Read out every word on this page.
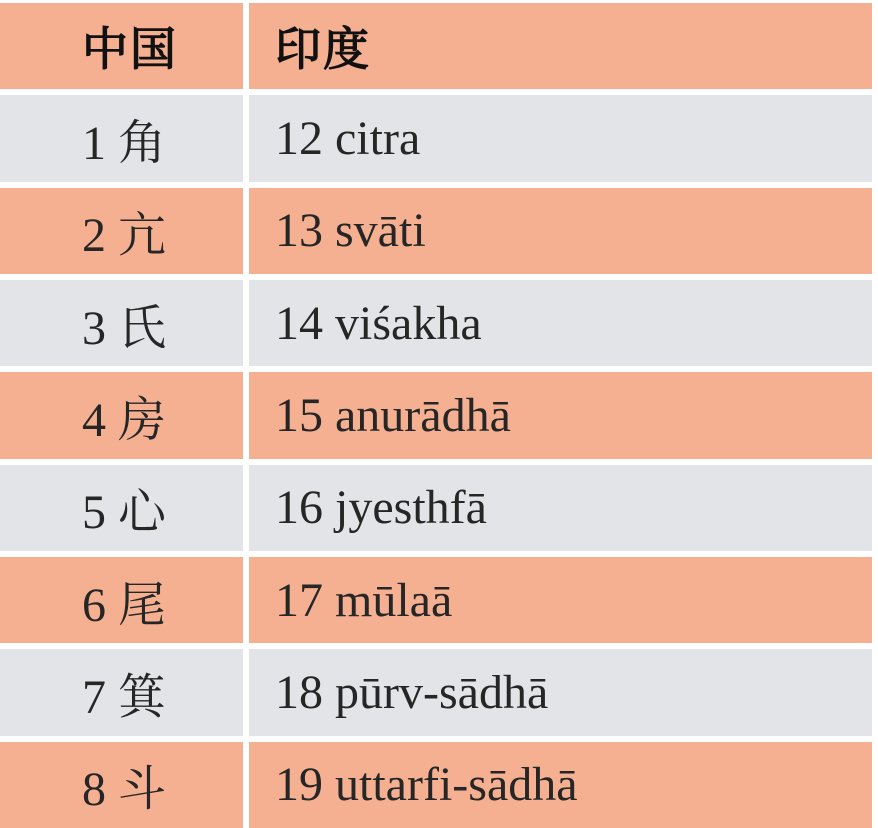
中国	印度
1 角	12 citra
2 亢	13 svāti
3 氏	14 viśakha
4 房	15 anurādhā
5 心	16 jyesthfā
6 尾	17 mūlaā
7 箕	18 pūrv-sādhā
8 斗	19 uttarfi-sādhā
